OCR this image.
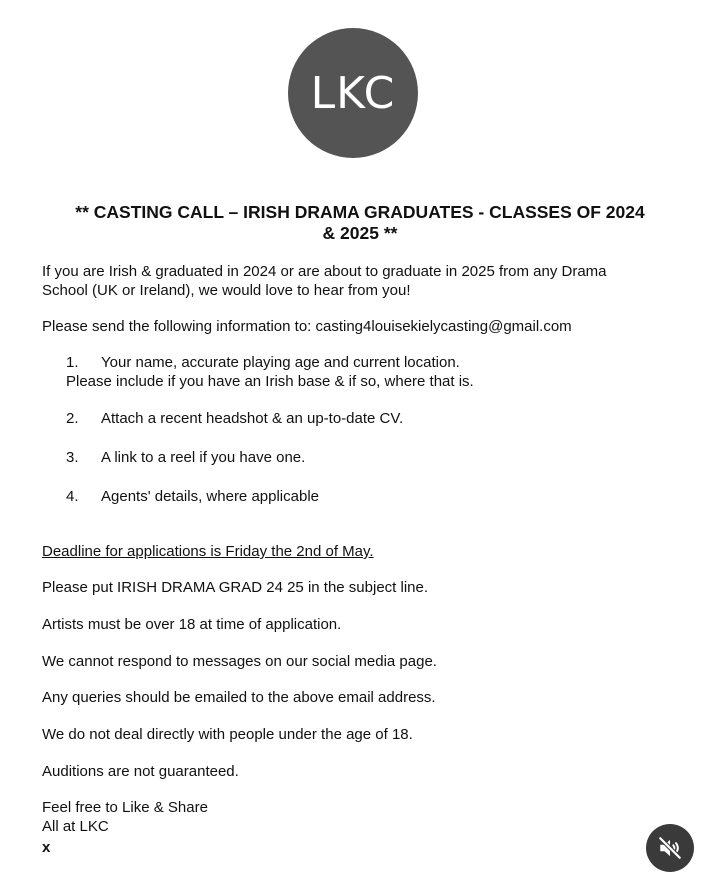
LKC
** CASTING CALL – IRISH DRAMA GRADUATES - CLASSES OF 2024
& 2025 **
If you are Irish & graduated in 2024 or are about to graduate in 2025 from any Drama
School (UK or Ireland), we would love to hear from you!
Please send the following information to: casting4louisekielycasting@gmail.com
1. Your name, accurate playing age and current location.
Please include if you have an Irish base & if so, where that is.
2. Attach a recent headshot & an up-to-date CV.
3. A link to a reel if you have one.
4. Agents' details, where applicable
Deadline for applications is Friday the 2nd of May.
Please put IRISH DRAMA GRAD 24 25 in the subject line.
Artists must be over 18 at time of application.
We cannot respond to messages on our social media page.
Any queries should be emailed to the above email address.
We do not deal directly with people under the age of 18.
Auditions are not guaranteed.
Feel free to Like & Share
All at LKC
x
